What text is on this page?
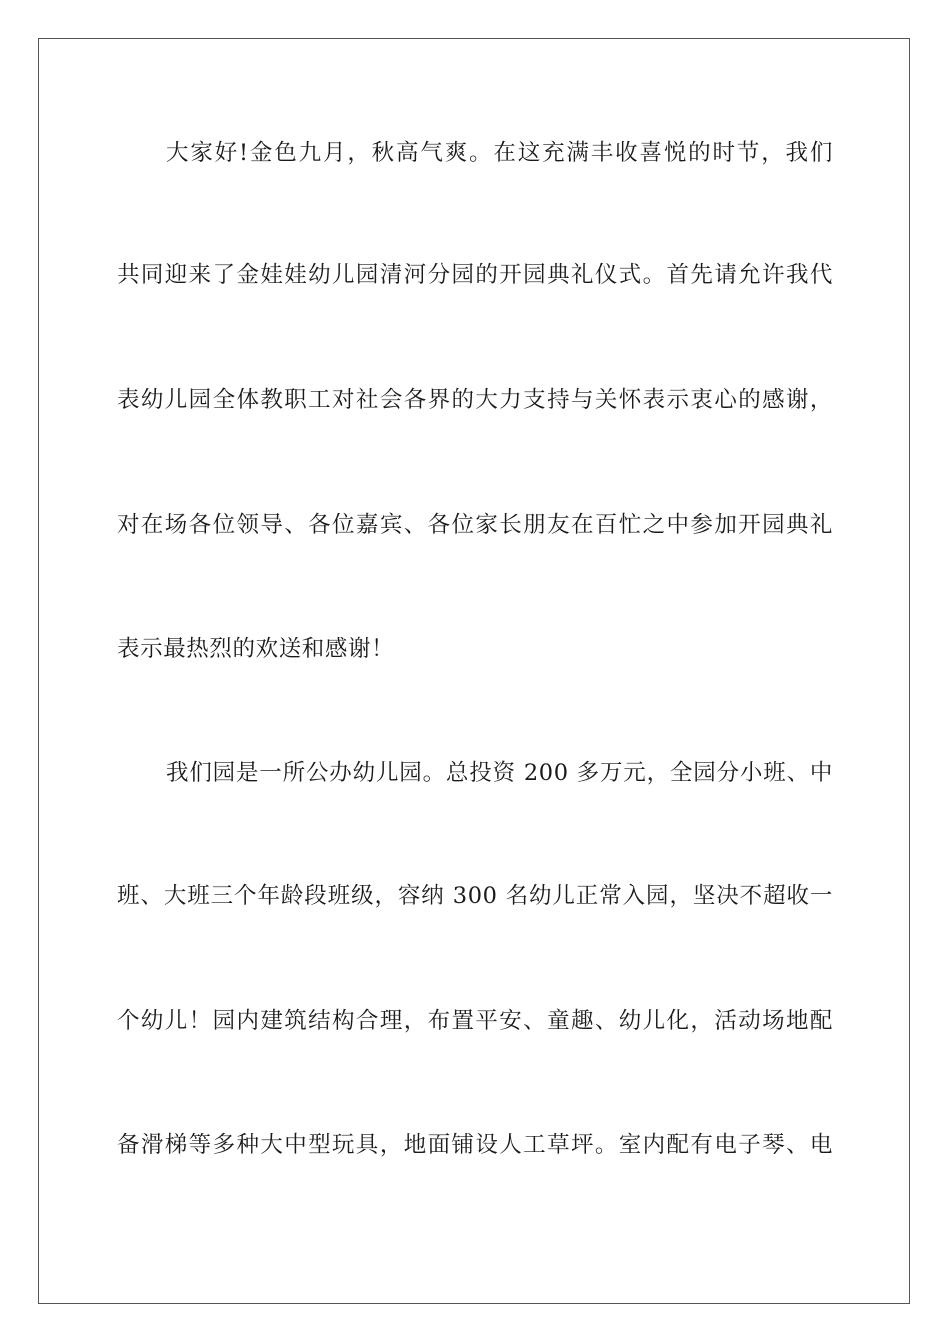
大家好!金色九月，秋高气爽。在这充满丰收喜悦的时节，我们
共同迎来了金娃娃幼儿园清河分园的开园典礼仪式。首先请允许我代
表幼儿园全体教职工对社会各界的大力支持与关怀表示衷心的感谢，
对在场各位领导、各位嘉宾、各位家长朋友在百忙之中参加开园典礼
表示最热烈的欢送和感谢！
我们园是一所公办幼儿园。总投资 200 多万元，全园分小班、中
班、大班三个年龄段班级，容纳 300 名幼儿正常入园，坚决不超收一
个幼儿！园内建筑结构合理，布置平安、童趣、幼儿化，活动场地配
备滑梯等多种大中型玩具，地面铺设人工草坪。室内配有电子琴、电
